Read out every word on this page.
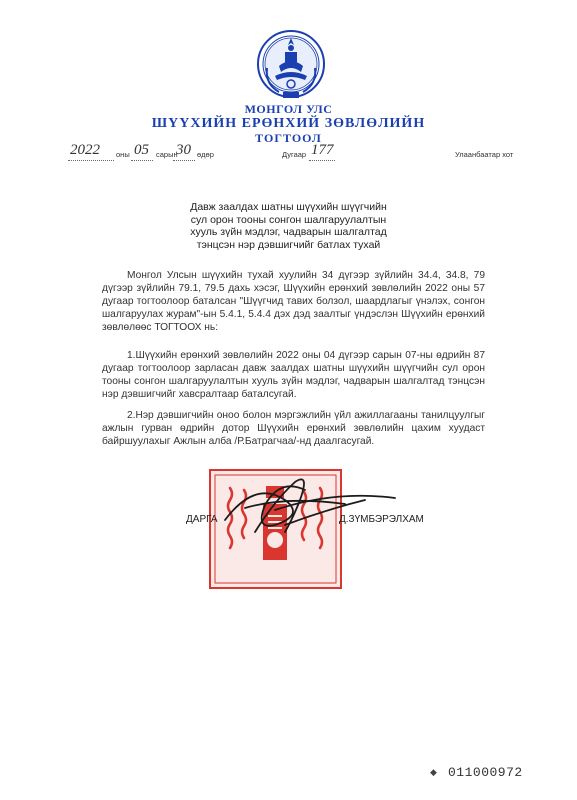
МОНГОЛ УЛС
ШҮҮХИЙН ЕРӨНХИЙ ЗӨВЛӨЛИЙН
ТОГТООЛ
2022 оны 05 сарын
30 өдөр	Дугаар 177	Улаанбаатар хот
Давж заалдах шатны шүүхийн шүүгчийн
сул орон тооны сонгон шалгаруулалтын
хууль зүйн мэдлэг, чадварын шалгалтад
тэнцсэн нэр дэвшигчийг батлах тухай
Монгол Улсын шүүхийн тухай хуулийн 34 дүгээр зүйлийн 34.4, 34.8, 79 дүгээр зүйлийн 79.1, 79.5 дахь хэсэг, Шүүхийн ерөнхий зөвлөлийн 2022 оны 57 дугаар тогтоолоор баталсан "Шүүгчид тавих болзол, шаардлагыг үнэлэх, сонгон шалгаруулах журам"-ын 5.4.1, 5.4.4 дэх дэд заалтыг үндэслэн Шүүхийн ерөнхий зөвлөлөөс ТОГТООХ нь:
1.Шүүхийн ерөнхий зөвлөлийн 2022 оны 04 дүгээр сарын 07-ны өдрийн 87 дугаар тогтоолоор зарласан давж заалдах шатны шүүхийн шүүгчийн сул орон тооны сонгон шалгаруулалтын хууль зүйн мэдлэг, чадварын шалгалтад тэнцсэн нэр дэвшигчийг хавсралтаар баталсугай.
2.Нэр дэвшигчийн оноо болон мэргэжлийн үйл ажиллагааны танилцуулгыг ажлын гурван өдрийн дотор Шүүхийн ерөнхий зөвлөлийн цахим хуудаст байршуулахыг Ажлын алба /Р.Батрагчаа/-нд даалгасугай.
ДАРГА	Д.ЗҮМБЭРЭЛХАМ
◆ 011000972
